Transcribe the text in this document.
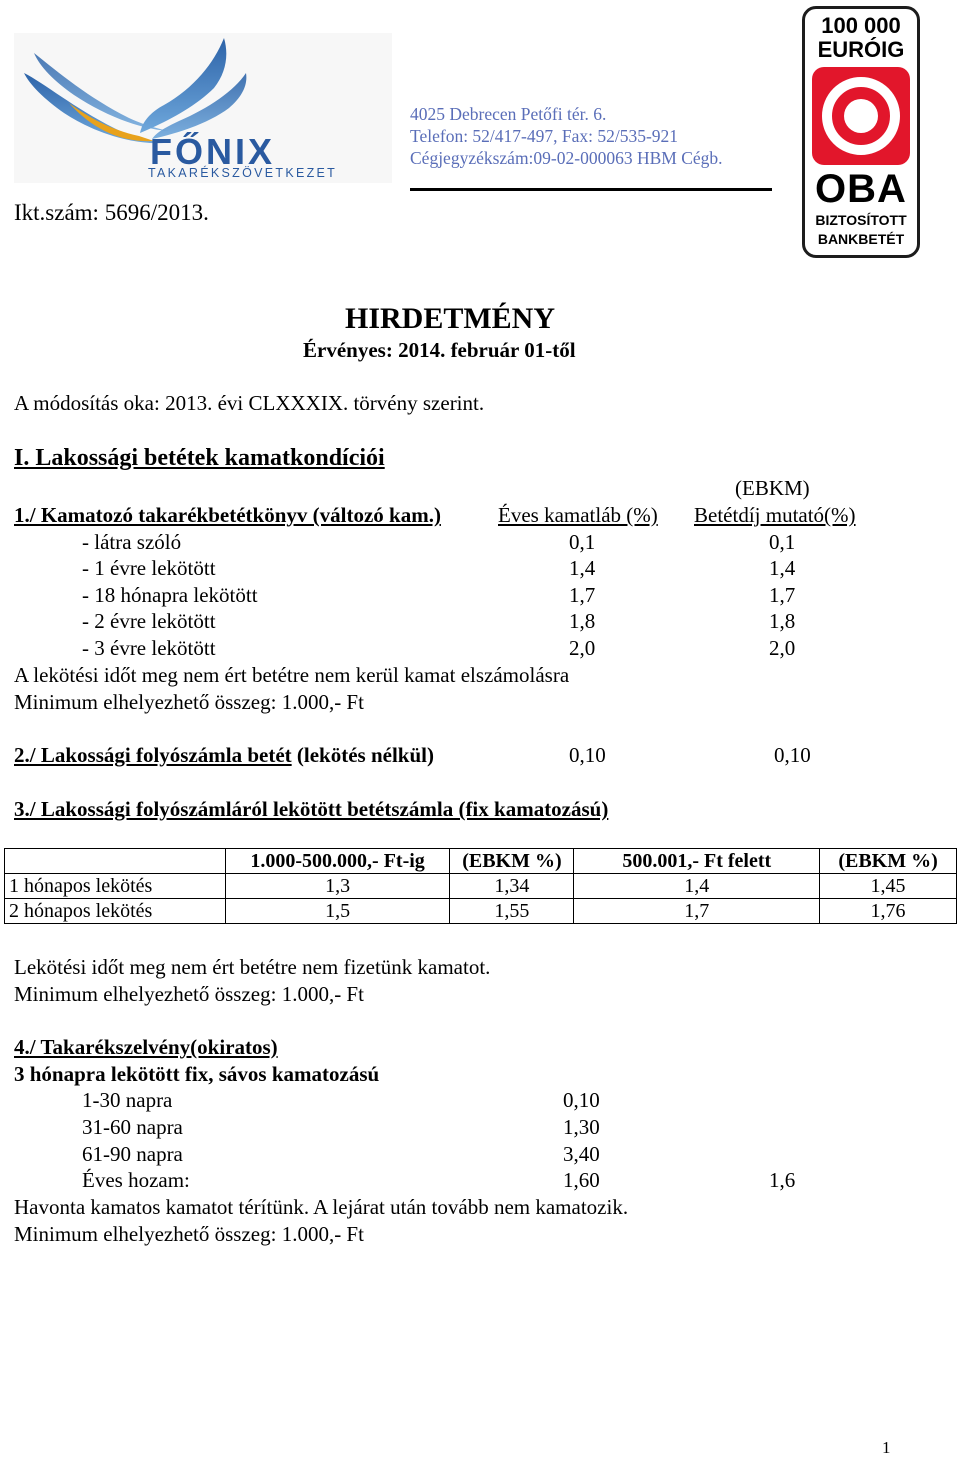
FŐNIX
TAKARÉKSZÖVETKEZET
4025 Debrecen Petőfi tér. 6.
Telefon: 52/417-497, Fax: 52/535-921
Cégjegyzékszám:09-02-000063 HBM Cégb.
Ikt.szám: 5696/2013.
100 000
EURÓIG
OBA
BIZTOSÍTOTT
BANKBETÉT
HIRDETMÉNY
Érvényes: 2014. február 01-től
A módosítás oka: 2013. évi CLXXXIX. törvény szerint.
I. Lakossági betétek kamatkondíciói
(EBKM)
1./ Kamatozó takarékbetétkönyv (változó kam.)	Éves kamatláb (%) Betétdíj mutató(%)
- látra szóló	0,1	0,1
- 1 évre lekötött	1,4	1,4
- 18 hónapra lekötött	1,7	1,7
- 2 évre lekötött	1,8	1,8
- 3 évre lekötött	2,0	2,0
A lekötési időt meg nem ért betétre nem kerül kamat elszámolásra
Minimum elhelyezhető összeg: 1.000,- Ft
2./ Lakossági folyószámla betét (lekötés nélkül)	0,10	0,10
3./ Lakossági folyószámláról lekötött betétszámla (fix kamatozású)
	1.000-500.000,- Ft-ig	(EBKM %)	500.001,- Ft felett	(EBKM %)
1 hónapos lekötés	1,3	1,34	1,4	1,45
2 hónapos lekötés	1,5	1,55	1,7	1,76
Lekötési időt meg nem ért betétre nem fizetünk kamatot.
Minimum elhelyezhető összeg: 1.000,- Ft
4./ Takarékszelvény(okiratos)
3 hónapra lekötött fix, sávos kamatozású
1-30 napra	0,10
31-60 napra	1,30
61-90 napra	3,40
Éves hozam:	1,60	1,6
Havonta kamatos kamatot térítünk. A lejárat után tovább nem kamatozik.
Minimum elhelyezhető összeg: 1.000,- Ft
1
